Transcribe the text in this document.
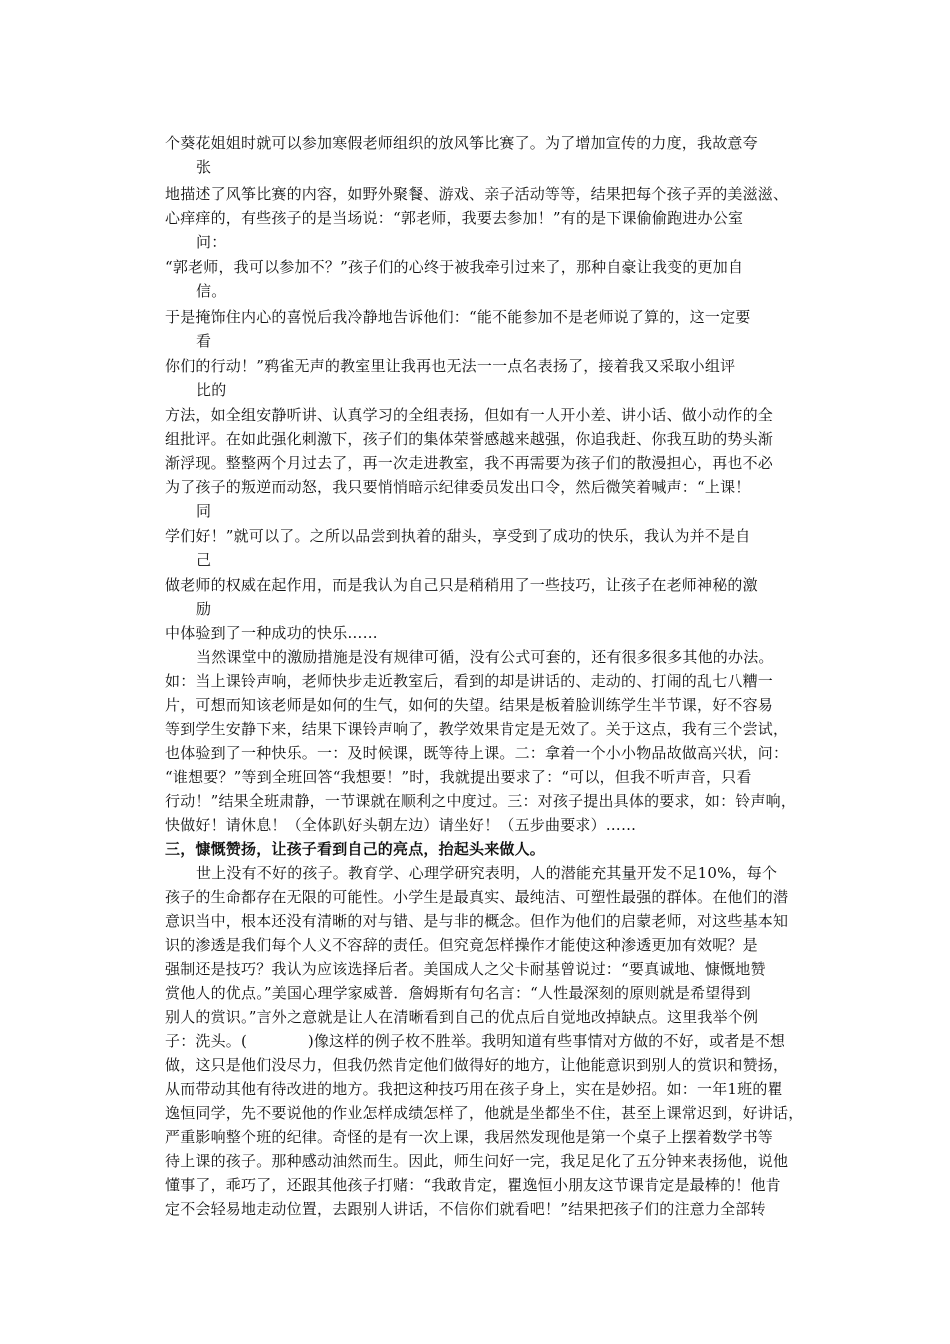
个葵花姐姐时就可以参加寒假老师组织的放风筝比赛了。为了增加宣传的力度，我故意夸
张
地描述了风筝比赛的内容，如野外聚餐、游戏、亲子活动等等，结果把每个孩子弄的美滋滋、
心痒痒的，有些孩子的是当场说：“郭老师，我要去参加！”有的是下课偷偷跑进办公室
问：
“郭老师，我可以参加不？”孩子们的心终于被我牵引过来了，那种自豪让我变的更加自
信。
于是掩饰住内心的喜悦后我冷静地告诉他们：“能不能参加不是老师说了算的，这一定要
看
你们的行动！”鸦雀无声的教室里让我再也无法一一点名表扬了，接着我又采取小组评
比的
方法，如全组安静听讲、认真学习的全组表扬，但如有一人开小差、讲小话、做小动作的全
组批评。在如此强化刺激下，孩子们的集体荣誉感越来越强，你追我赶、你我互助的势头渐
渐浮现。整整两个月过去了，再一次走进教室，我不再需要为孩子们的散漫担心，再也不必
为了孩子的叛逆而动怒，我只要悄悄暗示纪律委员发出口令，然后微笑着喊声：“上课！
同
学们好！”就可以了。之所以品尝到执着的甜头，享受到了成功的快乐，我认为并不是自
己
做老师的权威在起作用，而是我认为自己只是稍稍用了一些技巧，让孩子在老师神秘的激
励
中体验到了一种成功的快乐……
当然课堂中的激励措施是没有规律可循，没有公式可套的，还有很多很多其他的办法。
如：当上课铃声响，老师快步走近教室后，看到的却是讲话的、走动的、打闹的乱七八糟一
片，可想而知该老师是如何的生气，如何的失望。结果是板着脸训练学生半节课，好不容易
等到学生安静下来，结果下课铃声响了，教学效果肯定是无效了。关于这点，我有三个尝试，
也体验到了一种快乐。一：及时候课，既等待上课。二：拿着一个小小物品故做高兴状，问：
“谁想要？”等到全班回答“我想要！”时，我就提出要求了：“可以，但我不听声音，只看
行动！”结果全班肃静，一节课就在顺利之中度过。三：对孩子提出具体的要求，如：铃声响，
快做好！请休息！（全体趴好头朝左边）请坐好！（五步曲要求）……
三，慷慨赞扬，让孩子看到自己的亮点，抬起头来做人。
世上没有不好的孩子。教育学、心理学研究表明，人的潜能充其量开发不足10%，每个
孩子的生命都存在无限的可能性。小学生是最真实、最纯洁、可塑性最强的群体。在他们的潜
意识当中，根本还没有清晰的对与错、是与非的概念。但作为他们的启蒙老师，对这些基本知
识的渗透是我们每个人义不容辞的责任。但究竟怎样操作才能使这种渗透更加有效呢？是
强制还是技巧？我认为应该选择后者。美国成人之父卡耐基曾说过：“要真诚地、慷慨地赞
赏他人的优点。”美国心理学家威普．詹姆斯有句名言：“人性最深刻的原则就是希望得到
别人的赏识。”言外之意就是让人在清晰看到自己的优点后自觉地改掉缺点。这里我举个例
子：洗头。(　　　　)像这样的例子枚不胜举。我明知道有些事情对方做的不好，或者是不想
做，这只是他们没尽力，但我仍然肯定他们做得好的地方，让他能意识到别人的赏识和赞扬，
从而带动其他有待改进的地方。我把这种技巧用在孩子身上，实在是妙招。如：一年1班的瞿
逸恒同学，先不要说他的作业怎样成绩怎样了，他就是坐都坐不住，甚至上课常迟到，好讲话，
严重影响整个班的纪律。奇怪的是有一次上课，我居然发现他是第一个桌子上摆着数学书等
待上课的孩子。那种感动油然而生。因此，师生问好一完，我足足化了五分钟来表扬他，说他
懂事了，乖巧了，还跟其他孩子打赌：“我敢肯定，瞿逸恒小朋友这节课肯定是最棒的！他肯
定不会轻易地走动位置，去跟别人讲话，不信你们就看吧！”结果把孩子们的注意力全部转
